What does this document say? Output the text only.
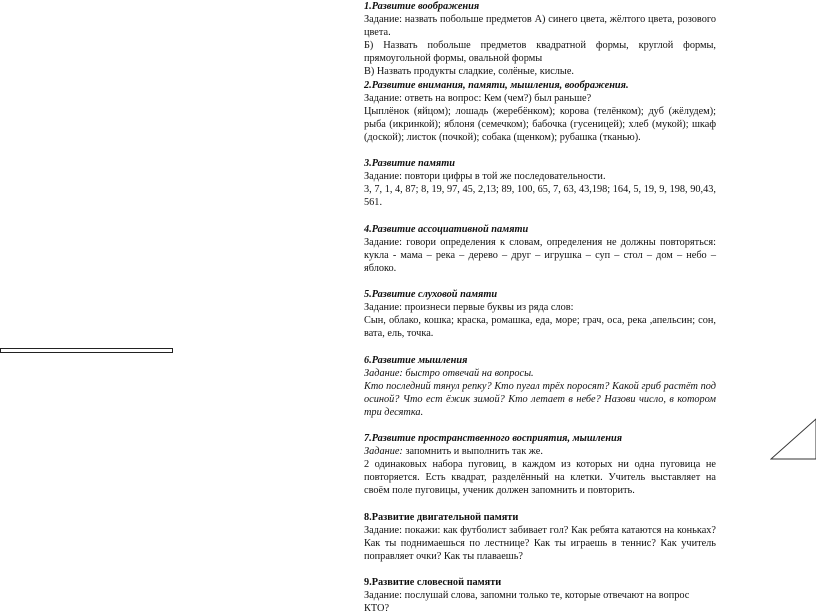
1.Развитие воображения

Задание: назвать побольше предметов А) синего цвета, жёлтого цвета, розового цвета.

Б) Назвать побольше предметов квадратной формы, круглой формы, прямоугольной формы, овальной формы

В) Назвать продукты сладкие, солёные, кислые.

2.Развитие внимания, памяти, мышления, воображения.

Задание: ответь на вопрос: Кем (чем?) был раньше?

Цыплёнок (яйцом); лошадь (жеребёнком); корова (телёнком); дуб (жёлудем); рыба (икринкой); яблоня (семечком); бабочка (гусеницей); хлеб (мукой); шкаф (доской); листок (почкой); собака (щенком); рубашка (тканью).

3.Развитие памяти

Задание: повтори цифры в той же последовательности.

3, 7, 1, 4, 87; 8, 19, 97, 45, 2,13; 89, 100, 65, 7, 63, 43,198; 164, 5, 19, 9, 198, 90,43, 561.

4.Развитие ассоциативной памяти

Задание: говори определения к словам, определения не должны повторяться: кукла - мама – река – дерево – друг – игрушка – суп – стол – дом – небо – яблоко.

5.Развитие слуховой памяти

Задание: произнеси первые буквы из ряда слов:

Сын, облако, кошка; краска, ромашка, еда, море; грач, оса, река ,апельсин; сон, вата, ель, точка.

6.Развитие мышления

Задание: быстро отвечай на вопросы.

Кто последний тянул репку? Кто пугал трёх поросят? Какой гриб растёт под осиной? Что ест ёжик зимой? Кто летает в небе? Назови число, в котором три десятка.

7.Развитие пространственного восприятия, мышления

Задание: запомнить и выполнить так же.

2 одинаковых набора пуговиц, в каждом из которых ни одна пуговица не повторяется. Есть квадрат, разделённый на клетки. Учитель выставляет на своём поле пуговицы, ученик должен запомнить и повторить.

8.Развитие двигательной памяти

Задание: покажи: как футболист забивает гол? Как ребята катаются на коньках? Как ты поднимаешься по лестнице? Как ты играешь в теннис? Как учитель поправляет очки? Как ты плаваешь?

9.Развитие словесной памяти

Задание: послушай слова, запомни только те, которые отвечают на вопрос КТО?
